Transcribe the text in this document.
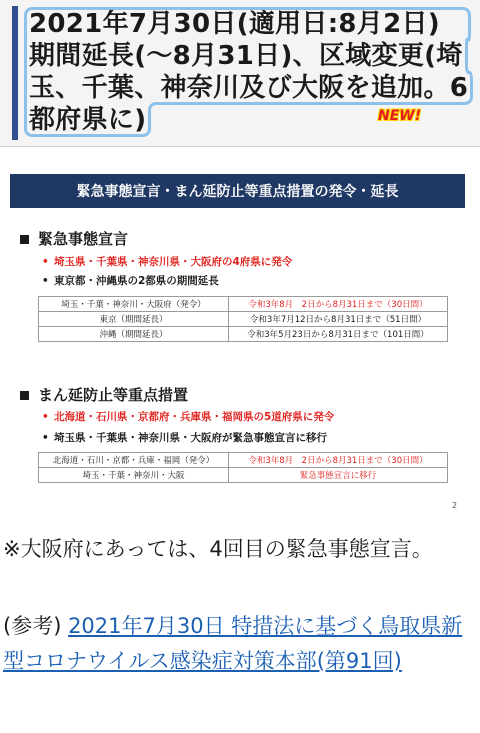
2021年7月30日(適用日:8月2日)　期間延長(〜8月31日)、区域変更(埼玉、千葉、神奈川及び大阪を追加。6都府県に)	NEW!
緊急事態宣言・まん延防止等重点措置の発令・延長
緊急事態宣言
• 埼玉県・千葉県・神奈川県・大阪府の4府県に発令
• 東京都・沖縄県の2都県の期間延長
埼玉・千葉・神奈川・大阪府（発令）	令和3年8月　2日から8月31日まで（30日間）
東京（期間延長）	令和3年7月12日から8月31日まで（51日間）
沖縄（期間延長）	令和3年5月23日から8月31日まで（101日間）
まん延防止等重点措置
• 北海道・石川県・京都府・兵庫県・福岡県の5道府県に発令
• 埼玉県・千葉県・神奈川県・大阪府が緊急事態宣言に移行
北海道・石川・京都・兵庫・福岡（発令）	令和3年8月　2日から8月31日まで（30日間）
埼玉・千葉・神奈川・大阪	緊急事態宣言に移行
2
※大阪府にあっては、4回目の緊急事態宣言。
(参考) 2021年7月30日 特措法に基づく鳥取県新型コロナウイルス感染症対策本部(第91回)
